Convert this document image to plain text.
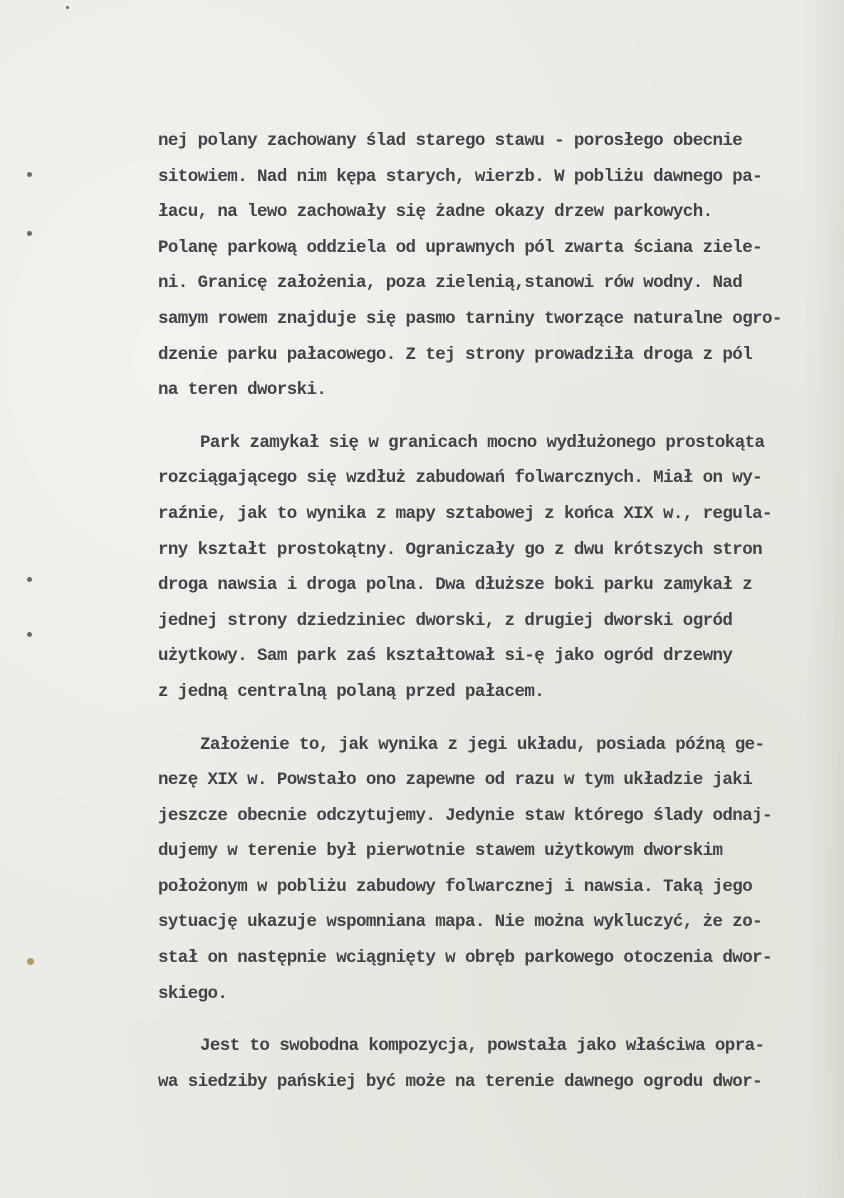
nej polany zachowany ślad starego stawu - porosłego obecnie
sitowiem. Nad nim kępa starych, wierzb. W pobliżu dawnego pa-
łacu, na lewo zachowały się żadne okazy drzew parkowych.
Polanę parkową oddziela od uprawnych pól zwarta ściana ziele-
ni. Granicę założenia, poza zielenią,stanowi rów wodny. Nad
samym rowem znajduje się pasmo tarniny tworzące naturalne ogro-
dzenie parku pałacowego. Z tej strony prowadziła droga z pól
na teren dworski.
Park zamykał się w granicach mocno wydłużonego prostokąta
rozciągającego się wzdłuż zabudowań folwarcznych. Miał on wy-
raźnie, jak to wynika z mapy sztabowej z końca XIX w., regula-
rny kształt prostokątny. Ograniczały go z dwu krótszych stron
droga nawsia i droga polna. Dwa dłuższe boki parku zamykał z
jednej strony dziedziniec dworski, z drugiej dworski ogród
użytkowy. Sam park zaś kształtował si-ę jako ogród drzewny
z jedną centralną polaną przed pałacem.
Założenie to, jak wynika z jegi układu, posiada późną ge-
nezę XIX w. Powstało ono zapewne od razu w tym układzie jaki
jeszcze obecnie odczytujemy. Jedynie staw którego ślady odnaj-
dujemy w terenie był pierwotnie stawem użytkowym dworskim
położonym w pobliżu zabudowy folwarcznej i nawsia. Taką jego
sytuację ukazuje wspomniana mapa. Nie można wykluczyć, że zo-
stał on następnie wciągnięty w obręb parkowego otoczenia dwor-
skiego.
Jest to swobodna kompozycja, powstała jako właściwa opra-
wa siedziby pańskiej być może na terenie dawnego ogrodu dwor-
